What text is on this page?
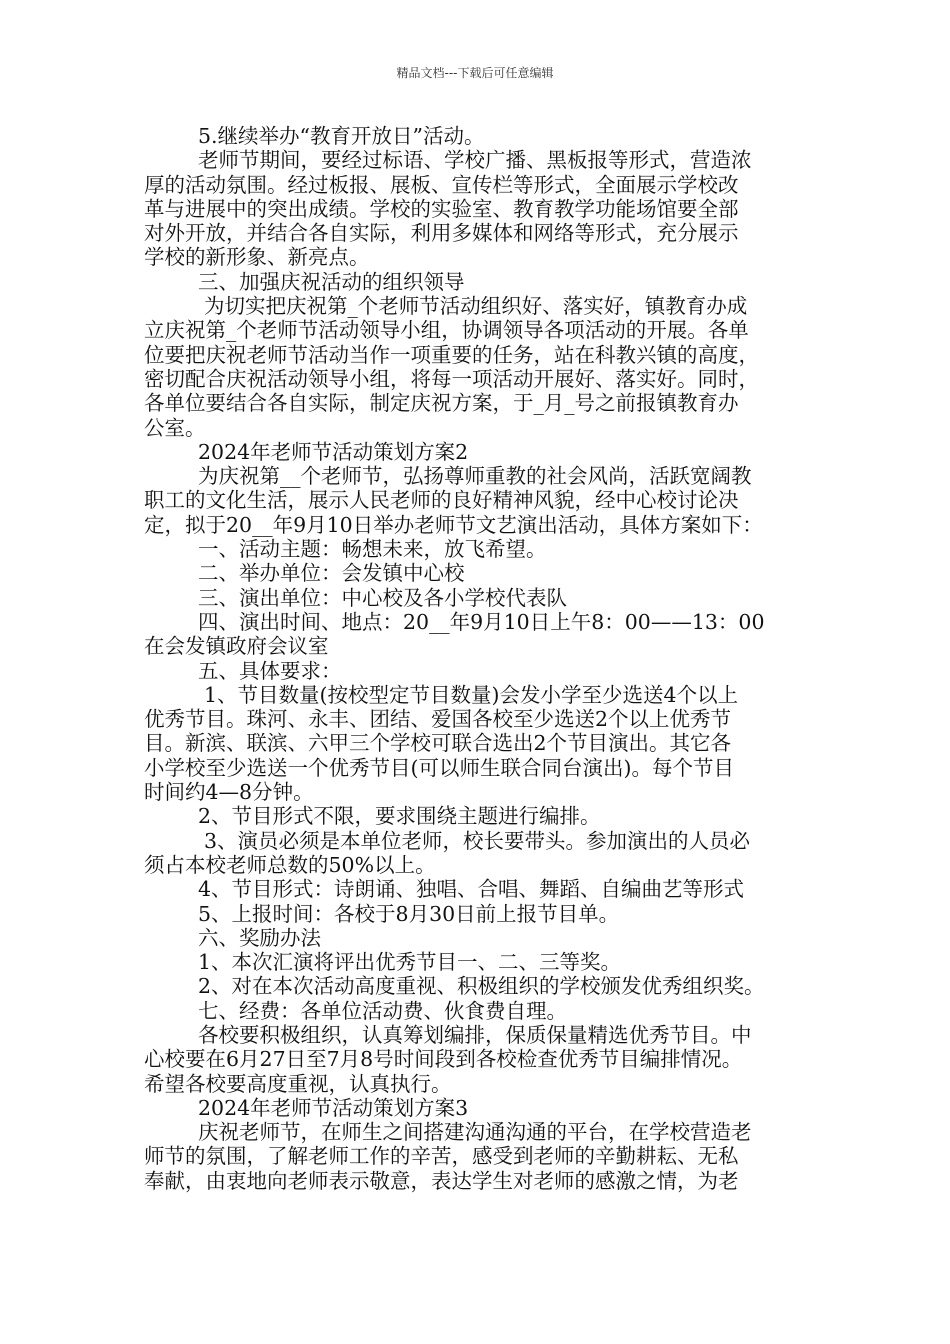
精品文档---下载后可任意编辑
5.继续举办“教育开放日”活动。
老师节期间，要经过标语、学校广播、黑板报等形式，营造浓
厚的活动氛围。经过板报、展板、宣传栏等形式，全面展示学校改
革与进展中的突出成绩。学校的实验室、教育教学功能场馆要全部
对外开放，并结合各自实际，利用多媒体和网络等形式，充分展示
学校的新形象、新亮点。
三、加强庆祝活动的组织领导
为切实把庆祝第_个老师节活动组织好、落实好，镇教育办成
立庆祝第_个老师节活动领导小组，协调领导各项活动的开展。各单
位要把庆祝老师节活动当作一项重要的任务，站在科教兴镇的高度，
密切配合庆祝活动领导小组，将每一项活动开展好、落实好。同时，
各单位要结合各自实际，制定庆祝方案，于_月_号之前报镇教育办
公室。
2024年老师节活动策划方案2
为庆祝第__个老师节，弘扬尊师重教的社会风尚，活跃宽阔教
职工的文化生活，展示人民老师的良好精神风貌，经中心校讨论决
定，拟于20__年9月10日举办老师节文艺演出活动，具体方案如下：
一、活动主题：畅想未来，放飞希望。
二、举办单位：会发镇中心校
三、演出单位：中心校及各小学校代表队
四、演出时间、地点：20__年9月10日上午8：00——13：00
在会发镇政府会议室
五、具体要求：
1、节目数量(按校型定节目数量)会发小学至少选送4个以上
优秀节目。珠河、永丰、团结、爱国各校至少选送2个以上优秀节
目。新滨、联滨、六甲三个学校可联合选出2个节目演出。其它各
小学校至少选送一个优秀节目(可以师生联合同台演出)。每个节目
时间约4—8分钟。
2、节目形式不限，要求围绕主题进行编排。
3、演员必须是本单位老师，校长要带头。参加演出的人员必
须占本校老师总数的50%以上。
4、节目形式：诗朗诵、独唱、合唱、舞蹈、自编曲艺等形式
5、上报时间：各校于8月30日前上报节目单。
六、奖励办法
1、本次汇演将评出优秀节目一、二、三等奖。
2、对在本次活动高度重视、积极组织的学校颁发优秀组织奖。
七、经费：各单位活动费、伙食费自理。
各校要积极组织，认真筹划编排，保质保量精选优秀节目。中
心校要在6月27日至7月8号时间段到各校检查优秀节目编排情况。
希望各校要高度重视，认真执行。
2024年老师节活动策划方案3
庆祝老师节，在师生之间搭建沟通沟通的平台，在学校营造老
师节的氛围，了解老师工作的辛苦，感受到老师的辛勤耕耘、无私
奉献，由衷地向老师表示敬意，表达学生对老师的感激之情，为老
